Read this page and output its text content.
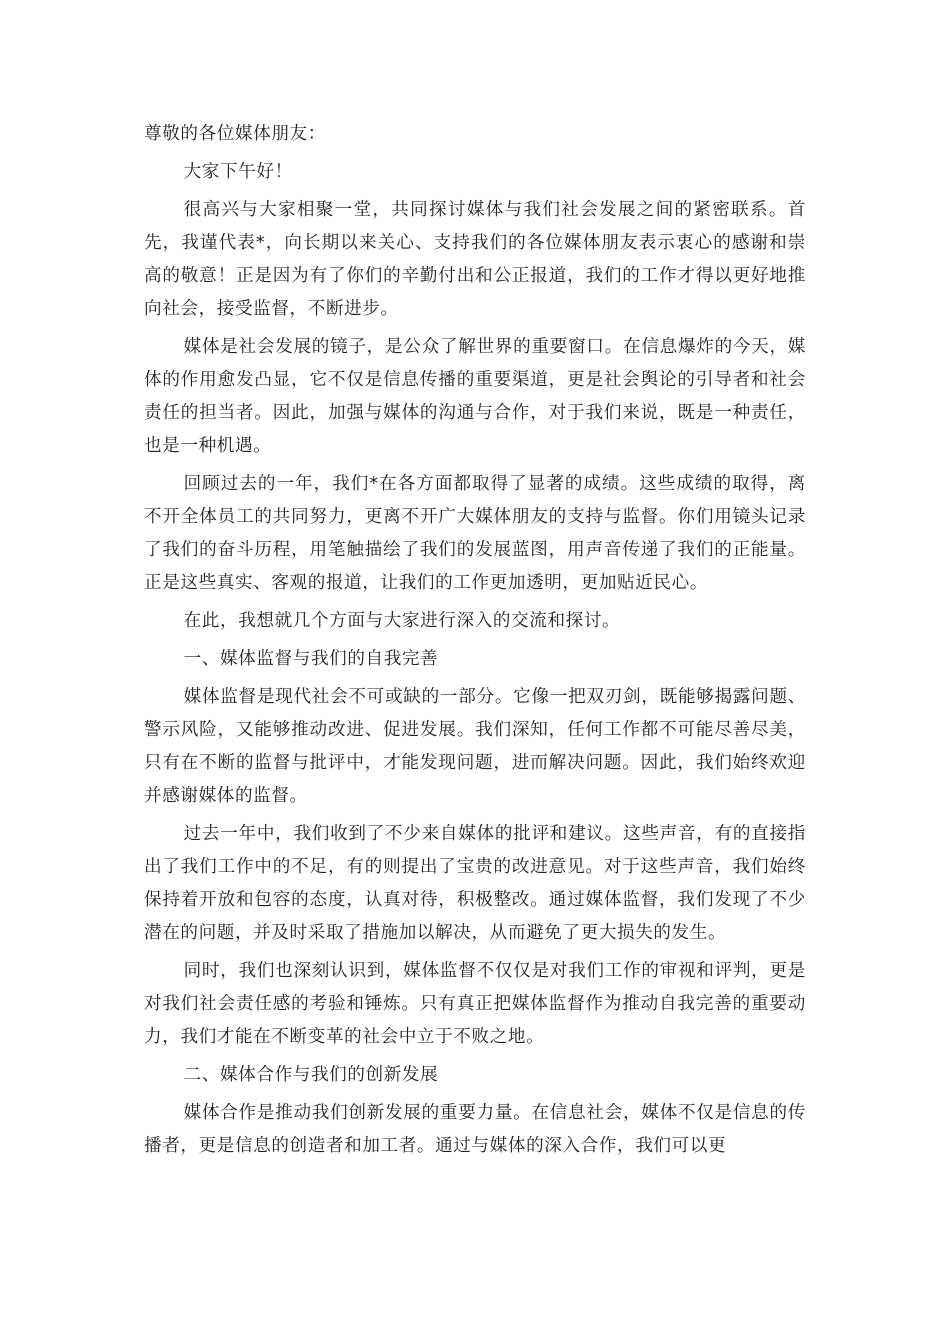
尊敬的各位媒体朋友：

大家下午好！

很高兴与大家相聚一堂，共同探讨媒体与我们社会发展之间的紧密联系。首先，我谨代表*，向长期以来关心、支持我们的各位媒体朋友表示衷心的感谢和崇高的敬意！正是因为有了你们的辛勤付出和公正报道，我们的工作才得以更好地推向社会，接受监督，不断进步。

媒体是社会发展的镜子，是公众了解世界的重要窗口。在信息爆炸的今天，媒体的作用愈发凸显，它不仅是信息传播的重要渠道，更是社会舆论的引导者和社会责任的担当者。因此，加强与媒体的沟通与合作，对于我们来说，既是一种责任，也是一种机遇。

回顾过去的一年，我们*在各方面都取得了显著的成绩。这些成绩的取得，离不开全体员工的共同努力，更离不开广大媒体朋友的支持与监督。你们用镜头记录了我们的奋斗历程，用笔触描绘了我们的发展蓝图，用声音传递了我们的正能量。正是这些真实、客观的报道，让我们的工作更加透明，更加贴近民心。

在此，我想就几个方面与大家进行深入的交流和探讨。

一、媒体监督与我们的自我完善

媒体监督是现代社会不可或缺的一部分。它像一把双刃剑，既能够揭露问题、警示风险，又能够推动改进、促进发展。我们深知，任何工作都不可能尽善尽美，只有在不断的监督与批评中，才能发现问题，进而解决问题。因此，我们始终欢迎并感谢媒体的监督。

过去一年中，我们收到了不少来自媒体的批评和建议。这些声音，有的直接指出了我们工作中的不足，有的则提出了宝贵的改进意见。对于这些声音，我们始终保持着开放和包容的态度，认真对待，积极整改。通过媒体监督，我们发现了不少潜在的问题，并及时采取了措施加以解决，从而避免了更大损失的发生。

同时，我们也深刻认识到，媒体监督不仅仅是对我们工作的审视和评判，更是对我们社会责任感的考验和锤炼。只有真正把媒体监督作为推动自我完善的重要动力，我们才能在不断变革的社会中立于不败之地。

二、媒体合作与我们的创新发展

媒体合作是推动我们创新发展的重要力量。在信息社会，媒体不仅是信息的传播者，更是信息的创造者和加工者。通过与媒体的深入合作，我们可以更
